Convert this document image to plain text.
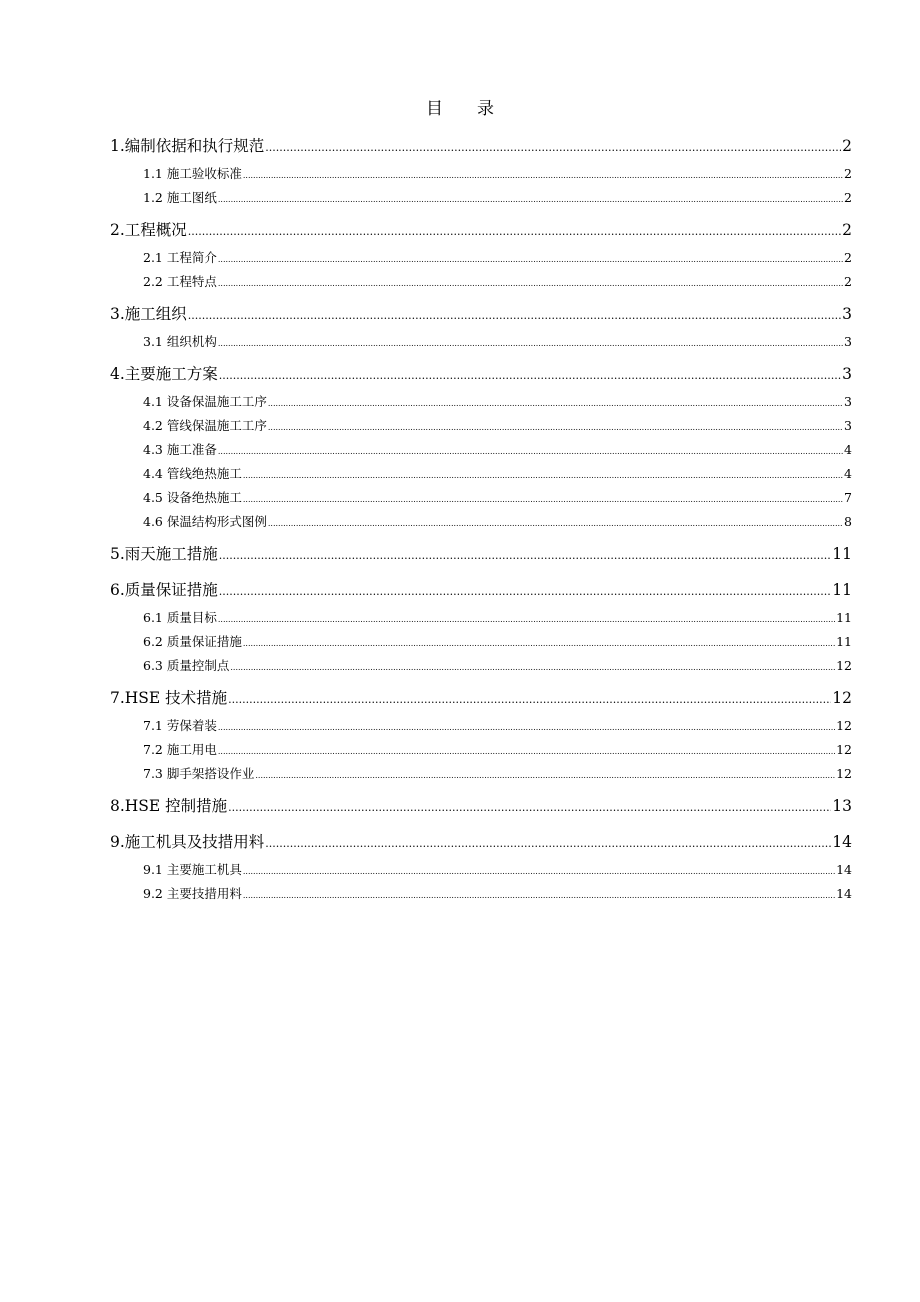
目 录
1.编制依据和执行规范 .....	2
1.1 施工验收标准 .....	2
1.2 施工图纸 .....	2
2.工程概况 .....	2
2.1 工程简介 .....	2
2.2 工程特点 .....	2
3.施工组织 .....	3
3.1 组织机构 .....	3
4.主要施工方案 .....	3
4.1 设备保温施工工序 .....	3
4.2 管线保温施工工序 .....	3
4.3 施工准备 .....	4
4.4 管线绝热施工 .....	4
4.5 设备绝热施工 .....	7
4.6 保温结构形式图例 .....	8
5.雨天施工措施 .....	11
6.质量保证措施 .....	11
6.1 质量目标 .....	11
6.2 质量保证措施 .....	11
6.3 质量控制点 .....	12
7.HSE 技术措施 .....	12
7.1 劳保着装 .....	12
7.2 施工用电 .....	12
7.3 脚手架搭设作业 .....	12
8.HSE 控制措施 .....	13
9.施工机具及技措用料 .....	14
9.1 主要施工机具 .....	14
9.2 主要技措用料 .....	14
